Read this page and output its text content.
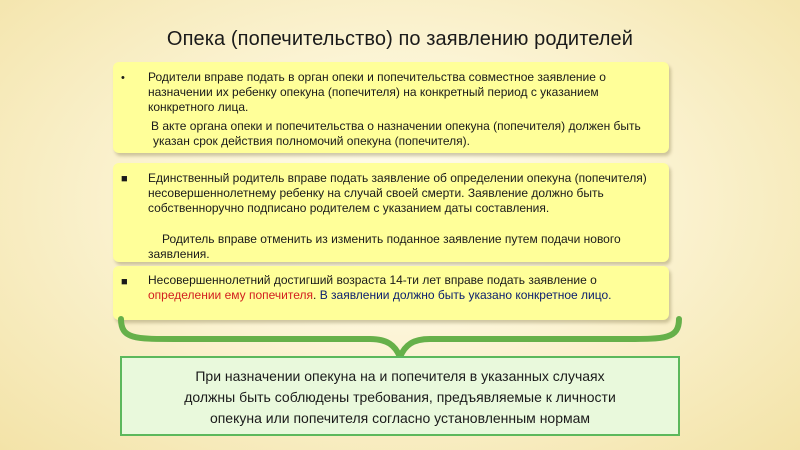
Опека (попечительство) по заявлению родителей
• Родители вправе подать в орган опеки и попечительства совместное заявление о назначении их ребенку опекуна (попечителя) на конкретный период с указанием конкретного лица.

В акте органа опеки и попечительства о назначении опекуна (попечителя) должен быть указан срок действия полномочий опекуна (попечителя).

■ Единственный родитель вправе подать заявление об определении опекуна (попечителя) несовершеннолетнему ребенку на случай своей смерти. Заявление должно быть собственноручно подписано родителем с указанием даты составления.

Родитель вправе отменить из изменить поданное заявление путем подачи нового заявления.

■ Несовершеннолетний достигший возраста 14-ти лет вправе подать заявление о определении ему попечителя. В заявлении должно быть указано конкретное лицо.

При назначении опекуна на и попечителя в указанных случаях
должны быть соблюдены требования, предъявляемые к личности
опекуна или попечителя согласно установленным нормам
